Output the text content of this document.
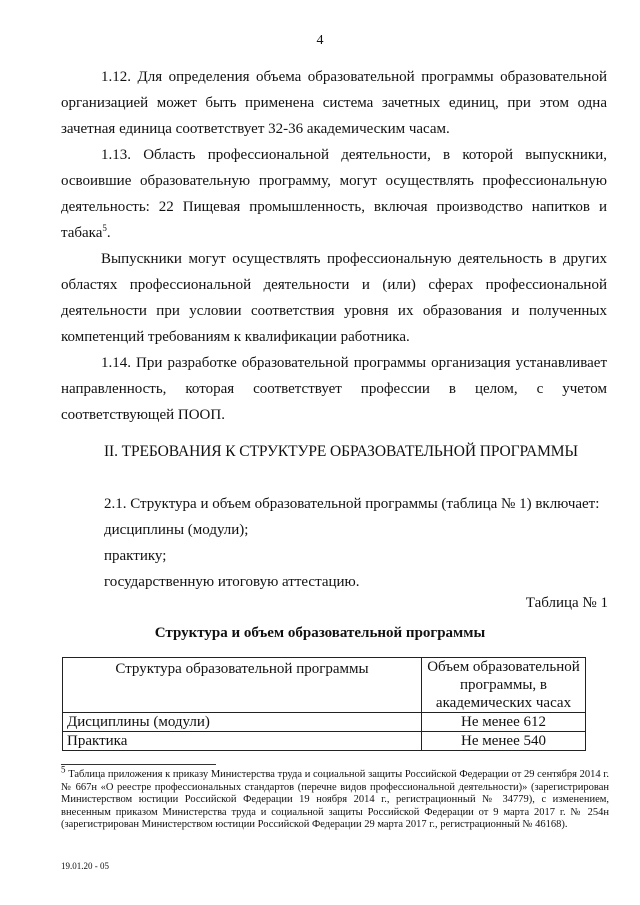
4
1.12. Для определения объема образовательной программы образовательной организацией может быть применена система зачетных единиц, при этом одна зачетная единица соответствует 32-36 академическим часам.
1.13. Область профессиональной деятельности, в которой выпускники, освоившие образовательную программу, могут осуществлять профессиональную деятельность: 22 Пищевая промышленность, включая производство напитков и табака$^5$.
Выпускники могут осуществлять профессиональную деятельность в других областях профессиональной деятельности и (или) сферах профессиональной деятельности при условии соответствия уровня их образования и полученных компетенций требованиям к квалификации работника.
1.14. При разработке образовательной программы организация устанавливает направленность, которая соответствует профессии в целом, с учетом соответствующей ПООП.
II. ТРЕБОВАНИЯ К СТРУКТУРЕ ОБРАЗОВАТЕЛЬНОЙ ПРОГРАММЫ
2.1. Структура и объем образовательной программы (таблица № 1) включает:
дисциплины (модули);
практику;
государственную итоговую аттестацию.
Таблица № 1
Структура и объем образовательной программы
Структура образовательной программы	Объем образовательной программы, в академических часах
Дисциплины (модули)	Не менее 612
Практика	Не менее 540
$^5$ Таблица приложения к приказу Министерства труда и социальной защиты Российской Федерации от 29 сентября 2014 г. № 667н «О реестре профессиональных стандартов (перечне видов профессиональной деятельности)» (зарегистрирован Министерством юстиции Российской Федерации 19 ноября 2014 г., регистрационный № 34779), с изменением, внесенным приказом Министерства труда и социальной защиты Российской Федерации от 9 марта 2017 г. № 254н (зарегистрирован Министерством юстиции Российской Федерации 29 марта 2017 г., регистрационный № 46168).
19.01.20 - 05
